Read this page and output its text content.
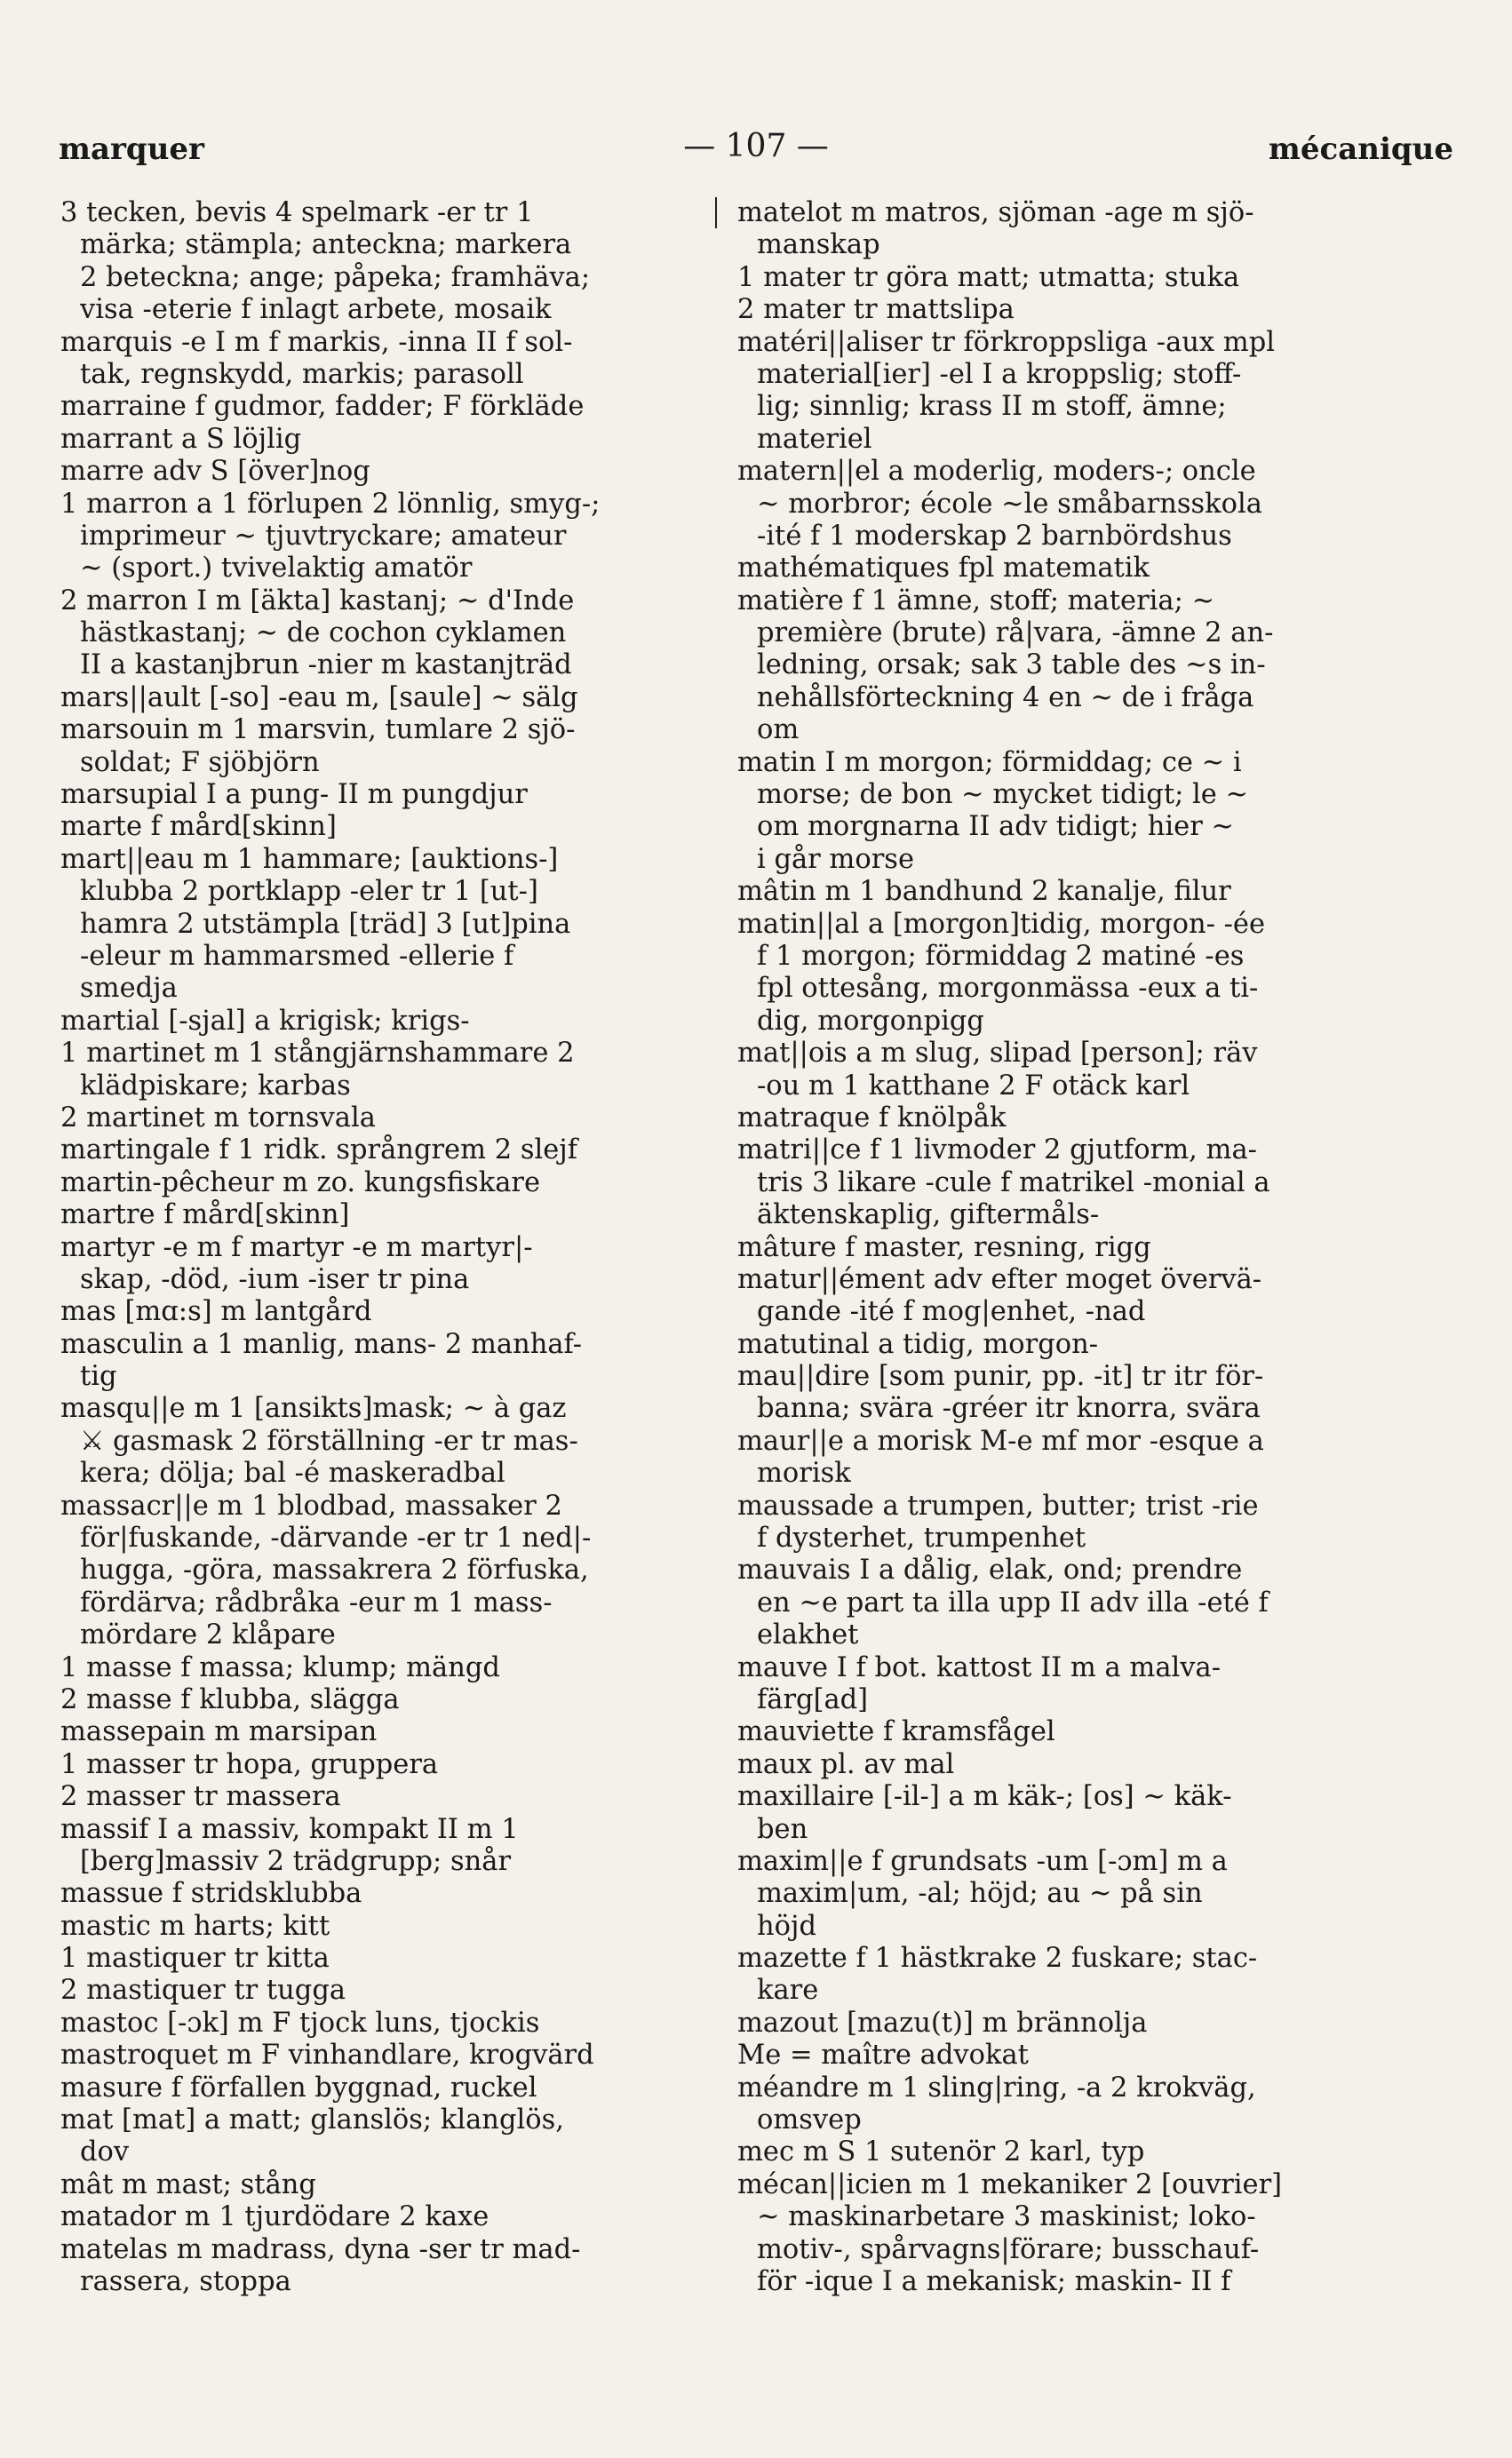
marquer	— 107 —	mécanique
3 tecken, bevis 4 spelmark -er tr 1
märka; stämpla; anteckna; markera
2 beteckna; ange; påpeka; framhäva;
visa -eterie f inlagt arbete, mosaik
marquis -e I m f markis, -inna II f sol-
tak, regnskydd, markis; parasoll
marraine f gudmor, fadder; F förkläde
marrant a S löjlig
marre adv S [över]nog
1 marron a 1 förlupen 2 lönnlig, smyg-;
imprimeur ~ tjuvtryckare; amateur
~ (sport.) tvivelaktig amatör
2 marron I m [äkta] kastanj; ~ d'Inde
hästkastanj; ~ de cochon cyklamen
II a kastanjbrun -nier m kastanjträd
mars||ault [-so] -eau m, [saule] ~ sälg
marsouin m 1 marsvin, tumlare 2 sjö-
soldat; F sjöbjörn
marsupial I a pung- II m pungdjur
marte f mård[skinn]
mart||eau m 1 hammare; [auktions-]
klubba 2 portklapp -eler tr 1 [ut-]
hamra 2 utstämpla [träd] 3 [ut]pina
-eleur m hammarsmed -ellerie f
smedja
martial [-sjal] a krigisk; krigs-
1 martinet m 1 stångjärnshammare 2
klädpiskare; karbas
2 martinet m tornsvala
martingale f 1 ridk. språngrem 2 slejf
martin-pêcheur m zo. kungsfiskare
martre f mård[skinn]
martyr -e m f martyr -e m martyr|-
skap, -död, -ium -iser tr pina
mas [mɑ:s] m lantgård
masculin a 1 manlig, mans- 2 manhaf-
tig
masqu||e m 1 [ansikts]mask; ~ à gaz
⚔ gasmask 2 förställning -er tr mas-
kera; dölja; bal -é maskeradbal
massacr||e m 1 blodbad, massaker 2
för|fuskande, -därvande -er tr 1 ned|-
hugga, -göra, massakrera 2 förfuska,
fördärva; rådbråka -eur m 1 mass-
mördare 2 klåpare
1 masse f massa; klump; mängd
2 masse f klubba, slägga
massepain m marsipan
1 masser tr hopa, gruppera
2 masser tr massera
massif I a massiv, kompakt II m 1
[berg]massiv 2 trädgrupp; snår
massue f stridsklubba
mastic m harts; kitt
1 mastiquer tr kitta
2 mastiquer tr tugga
mastoc [-ɔk] m F tjock luns, tjockis
mastroquet m F vinhandlare, krogvärd
masure f förfallen byggnad, ruckel
mat [mat] a matt; glanslös; klanglös,
dov
mât m mast; stång
matador m 1 tjurdödare 2 kaxe
matelas m madrass, dyna -ser tr mad-
rassera, stoppa
matelot m matros, sjöman -age m sjö-
manskap
1 mater tr göra matt; utmatta; stuka
2 mater tr mattslipa
matéri||aliser tr förkroppsliga -aux mpl
material[ier] -el I a kroppslig; stoff-
lig; sinnlig; krass II m stoff, ämne;
materiel
matern||el a moderlig, moders-; oncle
~ morbror; école ~le småbarnsskola
-ité f 1 moderskap 2 barnbördshus
mathématiques fpl matematik
matière f 1 ämne, stoff; materia; ~
première (brute) rå|vara, -ämne 2 an-
ledning, orsak; sak 3 table des ~s in-
nehållsförteckning 4 en ~ de i fråga
om
matin I m morgon; förmiddag; ce ~ i
morse; de bon ~ mycket tidigt; le ~
om morgnarna II adv tidigt; hier ~
i går morse
mâtin m 1 bandhund 2 kanalje, filur
matin||al a [morgon]tidig, morgon- -ée
f 1 morgon; förmiddag 2 matiné -es
fpl ottesång, morgonmässa -eux a ti-
dig, morgonpigg
mat||ois a m slug, slipad [person]; räv
-ou m 1 katthane 2 F otäck karl
matraque f knölpåk
matri||ce f 1 livmoder 2 gjutform, ma-
tris 3 likare -cule f matrikel -monial a
äktenskaplig, giftermåls-
mâture f master, resning, rigg
matur||ément adv efter moget övervä-
gande -ité f mog|enhet, -nad
matutinal a tidig, morgon-
mau||dire [som punir, pp. -it] tr itr för-
banna; svära -gréer itr knorra, svära
maur||e a morisk M-e mf mor -esque a
morisk
maussade a trumpen, butter; trist -rie
f dysterhet, trumpenhet
mauvais I a dålig, elak, ond; prendre
en ~e part ta illa upp II adv illa -eté f
elakhet
mauve I f bot. kattost II m a malva-
färg[ad]
mauviette f kramsfågel
maux pl. av mal
maxillaire [-il-] a m käk-; [os] ~ käk-
ben
maxim||e f grundsats -um [-ɔm] m a
maxim|um, -al; höjd; au ~ på sin
höjd
mazette f 1 hästkrake 2 fuskare; stac-
kare
mazout [mazu(t)] m brännolja
Me = maître advokat
méandre m 1 sling|ring, -a 2 krokväg,
omsvep
mec m S 1 sutenör 2 karl, typ
mécan||icien m 1 mekaniker 2 [ouvrier]
~ maskinarbetare 3 maskinist; loko-
motiv-, spårvagns|förare; busschauf-
för -ique I a mekanisk; maskin- II f
